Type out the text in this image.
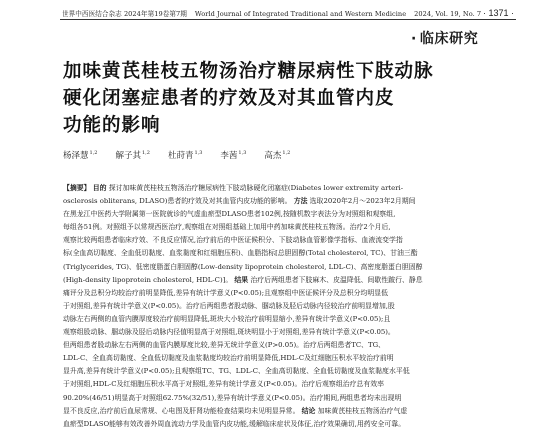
世界中西医结合杂志 2024年第19卷第7期 World Journal of Integrated Traditional and Western Medicine 2024, Vol. 19, No. 7 · 1371 ·
· 临床研究
加味黄芪桂枝五物汤治疗糖尿病性下肢动脉
硬化闭塞症患者的疗效及对其血管内皮
功能的影响
杨泽慧$^{1,2}$ 解子其$^{1,2}$ 杜莳青$^{1,3}$ 李茜$^{1,3}$ 高杰$^{1,2}$
【摘要】 目的 探讨加味黄芪桂枝五物汤治疗糖尿病性下肢动脉硬化闭塞症(Diabetes lower extremity arteri-
osclerosis obliterans, DLASO)患者的疗效及对其血管内皮功能的影响。 方法 选取2020年2月～2023年2月期间
在黑龙江中医药大学附属第一医院就诊的气虚血瘀型DLASO患者102例,按随机数字表法分为对照组和观察组,
每组各51例。对照组予以常规西医治疗,观察组在对照组基础上加用中药加味黄芪桂枝五物汤。治疗2个月后,
观察比较两组患者临床疗效、不良反应情况,治疗前后的中医证候积分、下肢动脉血管影像学指标、血液流变学指
标(全血高切黏度、全血低切黏度、血浆黏度和红细胞压积)、血脂指标[总胆固醇(Total cholesterol, TC)、甘油三酯
(Triglycerides, TG)、低密度脂蛋白胆固醇(Low-density lipoprotein cholesterol, LDL-C)、高密度脂蛋白胆固醇
(High-density lipoprotein cholesterol, HDL-C)]。 结果 治疗后两组患者下肢麻木、皮温降低、间歇性跛行、静息
痛评分及总积分均较治疗前明显降低,差异有统计学意义(P<0.05);且观察组中医证候评分及总积分均明显低
于对照组,差异有统计学意义(P<0.05)。治疗后两组患者股动脉、腘动脉及胫后动脉内径较治疗前明显增加,股
动脉左右两侧的血管内膜厚度较治疗前明显降低,斑块大小较治疗前明显缩小,差异有统计学意义(P<0.05);且
观察组股动脉、腘动脉及胫后动脉内径值明显高于对照组,斑块明显小于对照组,差异有统计学意义(P<0.05)。
但两组患者股动脉左右两侧的血管内膜厚度比较,差异无统计学意义(P>0.05)。治疗后两组患者TC、TG、
LDL-C、全血高切黏度、全血低切黏度及血浆黏度均较治疗前明显降低,HDL-C及红细胞压积水平较治疗前明
显升高,差异有统计学意义(P<0.05);且观察组TC、TG、LDL-C、全血高切黏度、全血低切黏度及血浆黏度水平低
于对照组,HDL-C及红细胞压积水平高于对照组,差异有统计学意义(P<0.05)。治疗后观察组治疗总有效率
90.20%(46/51)明显高于对照组62.75%(32/51),差异有统计学意义(P<0.05)。治疗期间,两组患者均未出现明
显不良反应,治疗前后血尿常规、心电图及肝肾功能检查结果均未见明显异常。 结论 加味黄芪桂枝五物汤治疗气虚
血瘀型DLASO能够有效改善外周血流动力学及血管内皮功能,缓解临床症状及体征,治疗效果确切,用药安全可靠。
